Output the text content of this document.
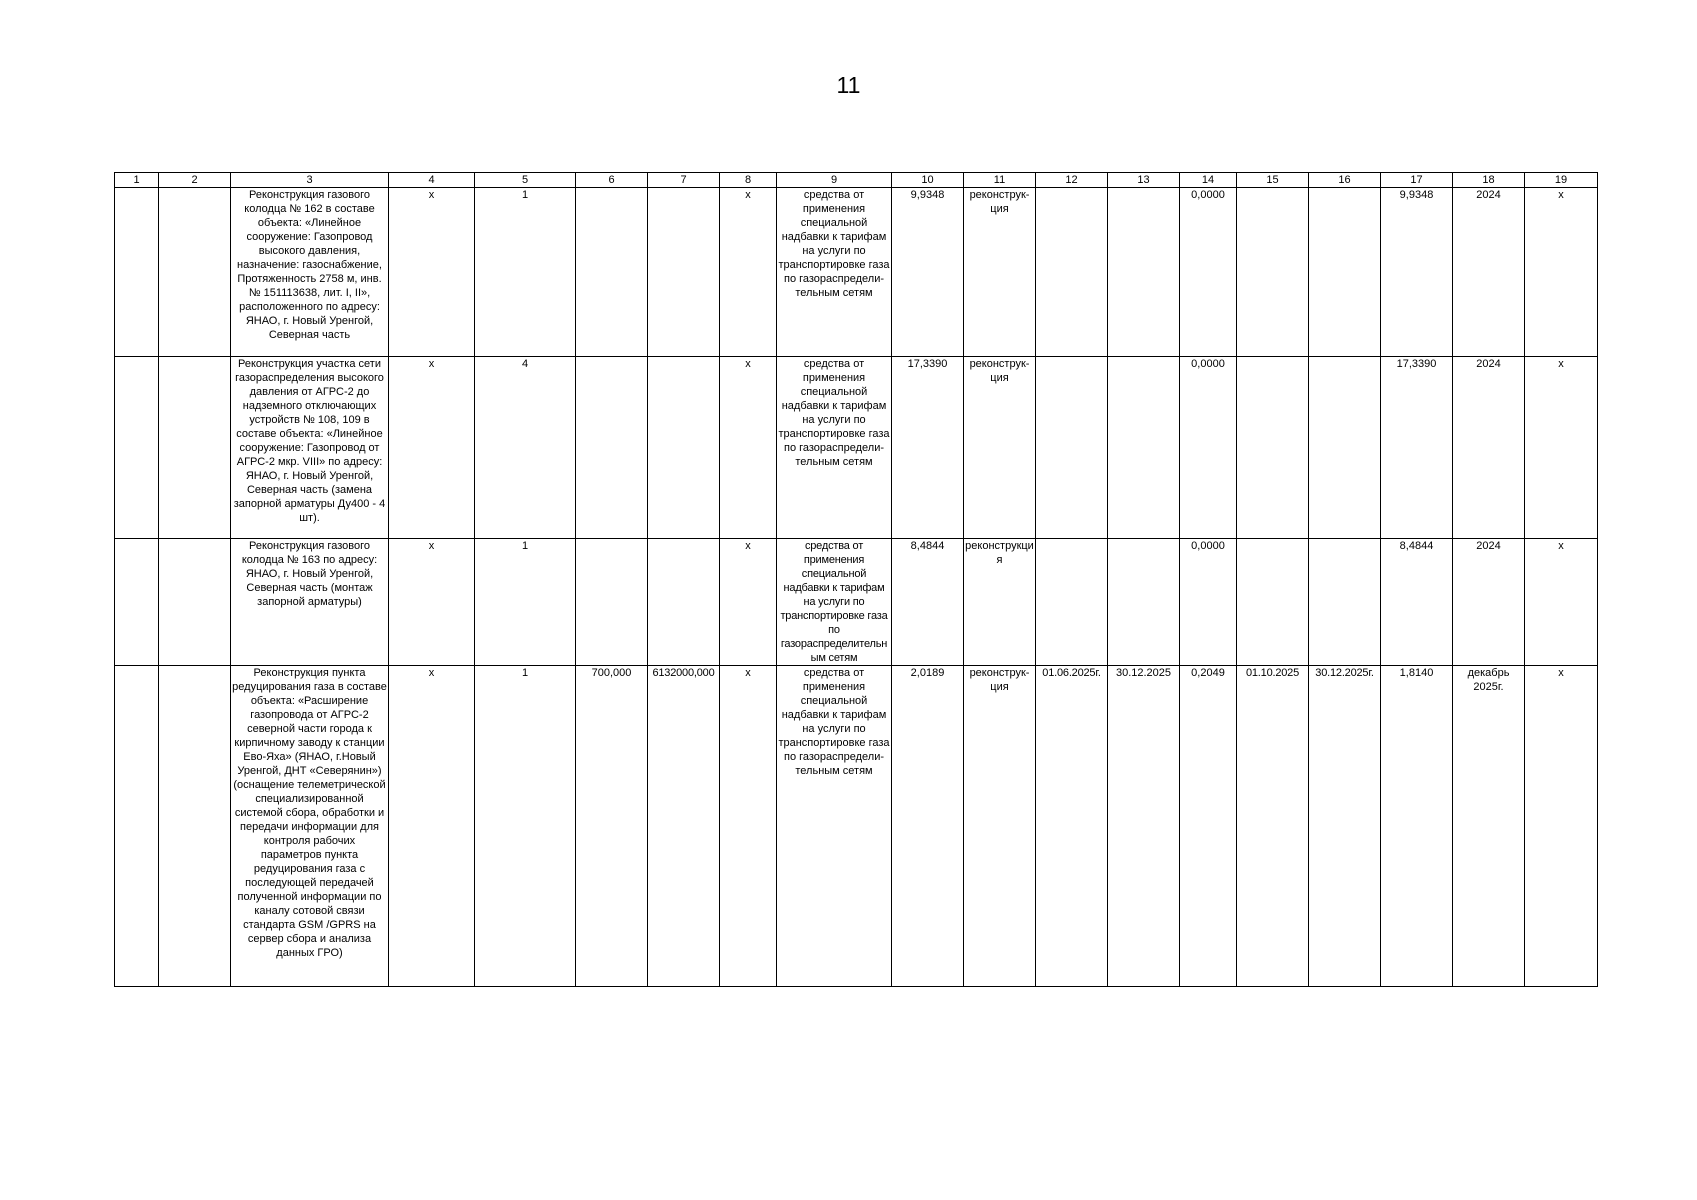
11
1	2	3	4	5	6	7	8	9	10	11	12	13	14	15	16	17	18	19
		Реконструкция газового колодца № 162 в составе объекта: «Линейное сооружение: Газопровод высокого давления, назначение: газоснабжение, Протяженность 2758 м, инв.№ 151113638, лит. I, II», расположенного по адресу: ЯНАО, г. Новый Уренгой, Северная часть	x	1			x	средства от применения специальной надбавки к тарифам на услуги по транспортировке газа по газораспредели-тельным сетям	9,9348	реконструк-ция			0,0000			9,9348	2024	x
		Реконструкция участка сети газораспределения высокого давления от АГРС-2 до надземного отключающих устройств № 108, 109 в составе объекта: «Линейное сооружение: Газопровод от АГРС-2 мкр. VIII» по адресу: ЯНАО, г. Новый Уренгой, Северная часть (замена запорной арматуры Ду400 - 4 шт).	x	4			x	средства от применения специальной надбавки к тарифам на услуги по транспортировке газа по газораспредели-тельным сетям	17,3390	реконструк-ция			0,0000			17,3390	2024	x
		Реконструкция газового колодца № 163 по адресу: ЯНАО, г. Новый Уренгой, Северная часть (монтаж запорной арматуры)	x	1			x	средства от применения специальной надбавки к тарифам на услуги по транспортировке газа по газораспределительным сетям	8,4844	реконструкция			0,0000			8,4844	2024	x
		Реконструкция пункта редуцирования газа в составе объекта: «Расширение газопровода от АГРС-2 северной части города к кирпичному заводу к станции Ево-Яха» (ЯНАО, г.Новый Уренгой, ДНТ «Северянин») (оснащение телеметрической специализированной системой сбора, обработки и передачи информации для контроля рабочих параметров пункта редуцирования газа с последующей передачей полученной информации по каналу сотовой связи стандарта GSM /GPRS на сервер сбора и анализа данных ГРО)	x	1	700,000	6132000,000	x	средства от применения специальной надбавки к тарифам на услуги по транспортировке газа по газораспредели-тельным сетям	2,0189	реконструк-ция	01.06.2025г.	30.12.2025	0,2049	01.10.2025	30.12.2025г.	1,8140	декабрь 2025г.	x
